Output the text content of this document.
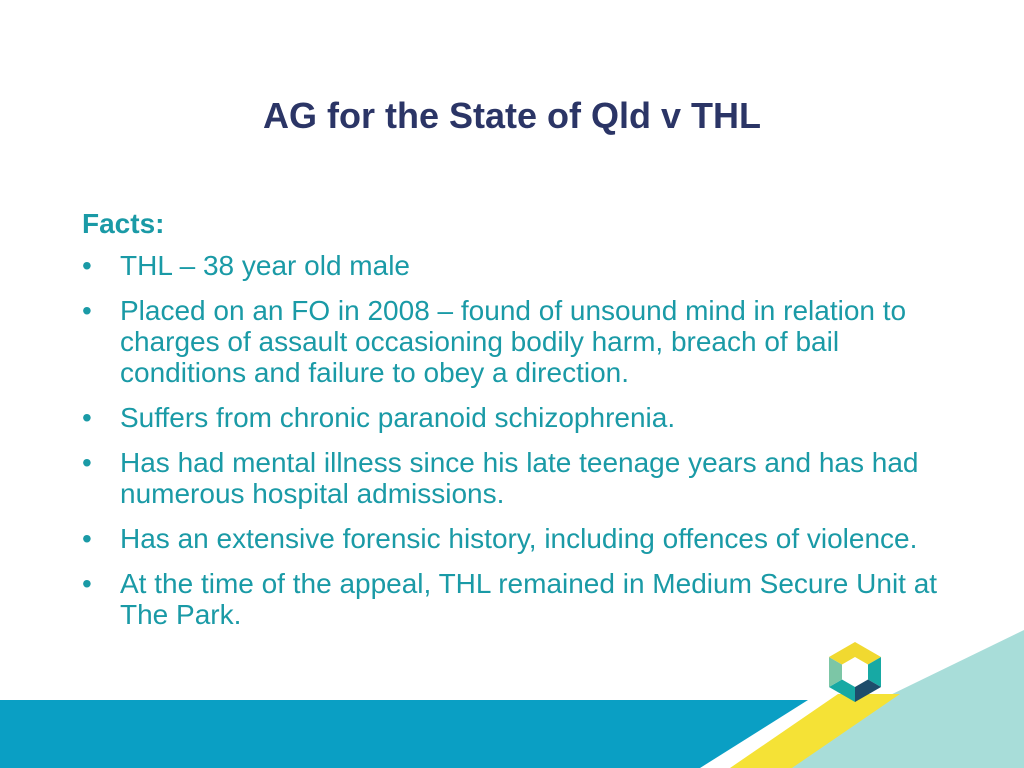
AG for the State of Qld v THL
Facts:
•	THL – 38 year old male
•	Placed on an FO in 2008 – found of unsound mind in relation to charges of assault occasioning bodily harm, breach of bail conditions and failure to obey a direction.
•	Suffers from chronic paranoid schizophrenia.
•	Has had mental illness since his late teenage years and has had numerous hospital admissions.
•	Has an extensive forensic history, including offences of violence.
•	At the time of the appeal, THL remained in Medium Secure Unit at The Park.
